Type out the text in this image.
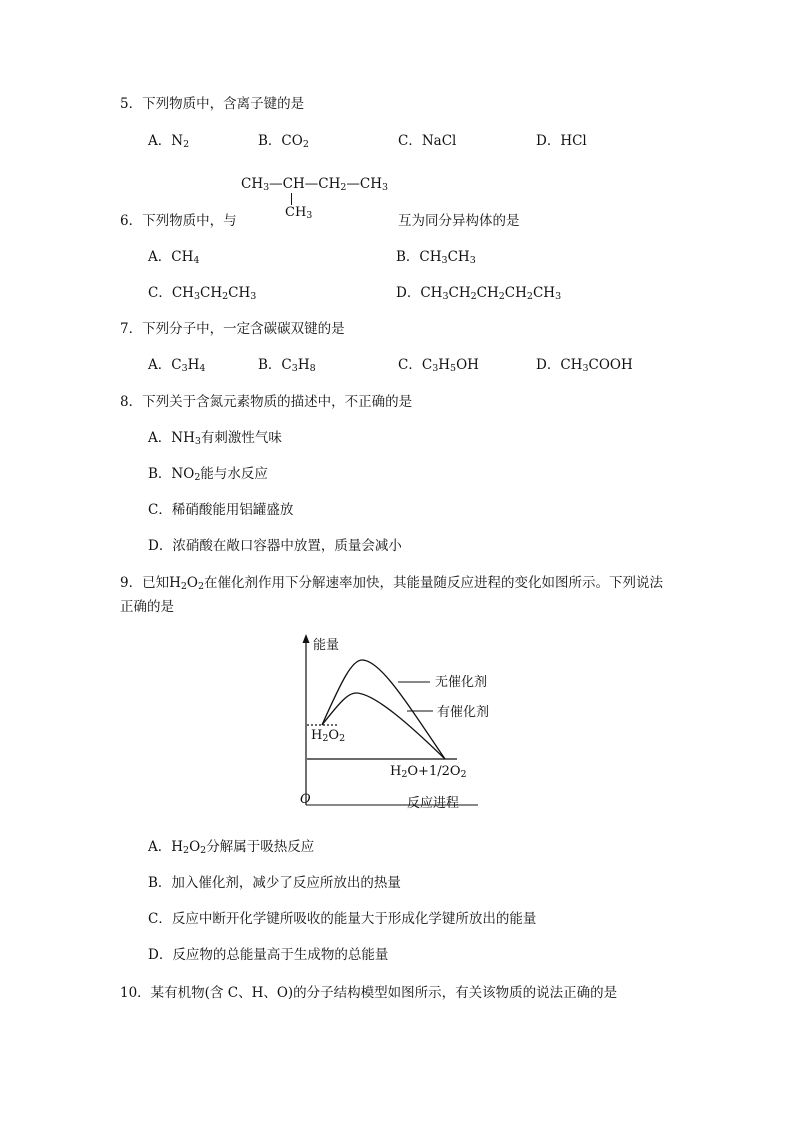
5．下列物质中，含离子键的是
A．$N_2$	B．$CO_2$	C．NaCl	D．HCl
$CH_3—CH—CH_2—CH_3$
$CH_3$
6．下列物质中，与	互为同分异构体的是
A．$CH_4$	B．$CH_3CH_3$
C．$CH_3CH_2CH_3$	D．$CH_3CH_2CH_2CH_2CH_3$
7．下列分子中，一定含碳碳双键的是
A．$C_3H_4$	B．$C_3H_8$	C．$C_3H_5OH$	D．$CH_3COOH$
8．下列关于含氮元素物质的描述中，不正确的是
A．$NH_3$有刺激性气味
B．$NO_2$能与水反应
C．稀硝酸能用铝罐盛放
D．浓硝酸在敞口容器中放置，质量会减小
9．已知$H_2O_2$在催化剂作用下分解速率加快，其能量随反应进程的变化如图所示。下列说法
正确的是
能量
无催化剂
有催化剂
$H_2O_2$
$H_2O+1/2O_2$
O	反应进程
A．$H_2O_2$分解属于吸热反应
B．加入催化剂，减少了反应所放出的热量
C．反应中断开化学键所吸收的能量大于形成化学键所放出的能量
D．反应物的总能量高于生成物的总能量
10．某有机物(含 C、H、O)的分子结构模型如图所示，有关该物质的说法正确的是
